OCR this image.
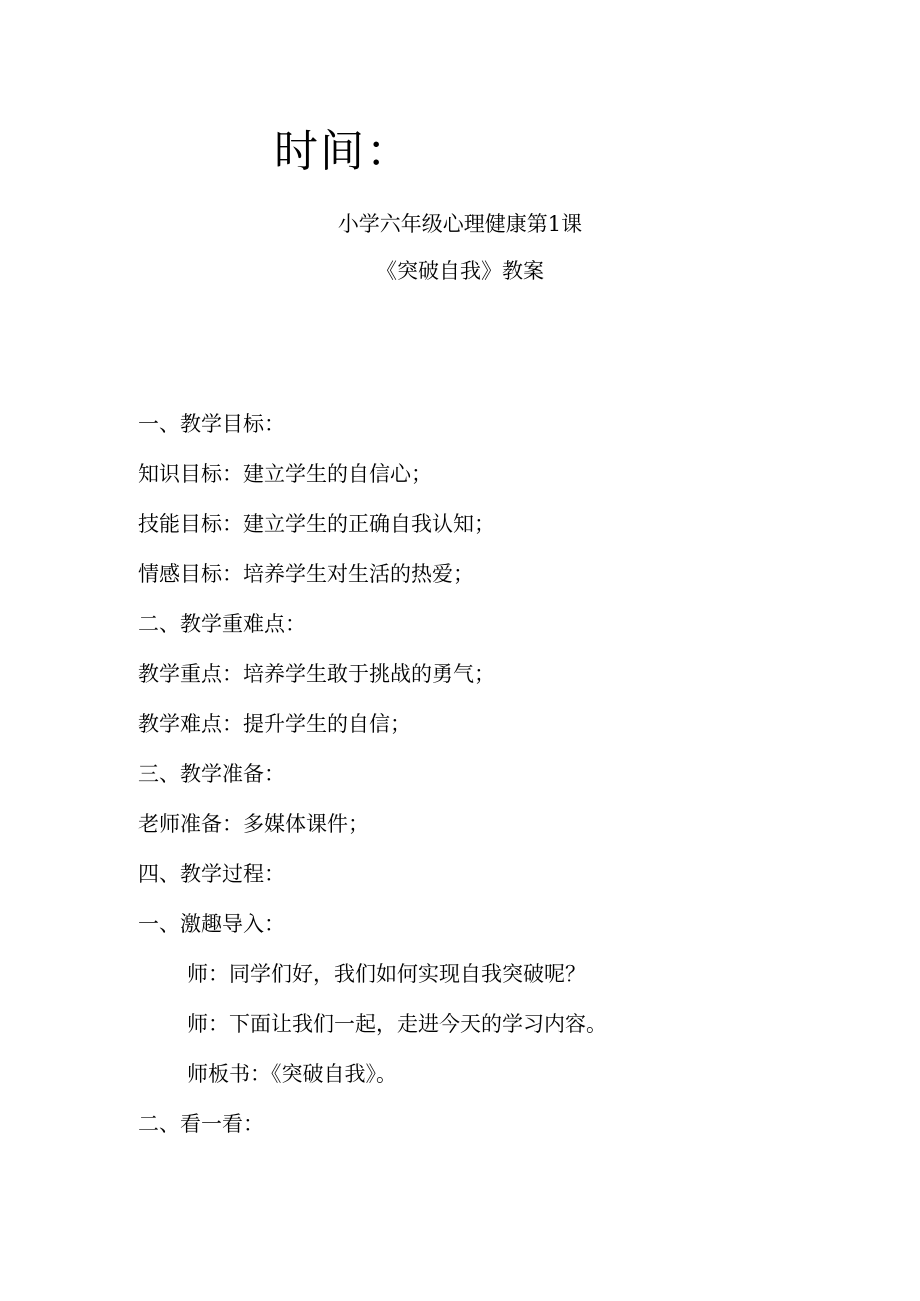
时间：
小学六年级心理健康第1课
《突破自我》教案
一、教学目标：
知识目标：建立学生的自信心；
技能目标：建立学生的正确自我认知；
情感目标：培养学生对生活的热爱；
二、教学重难点：
教学重点：培养学生敢于挑战的勇气；
教学难点：提升学生的自信；
三、教学准备：
老师准备：多媒体课件；
四、教学过程：
一、激趣导入：
师：同学们好，我们如何实现自我突破呢？
师：下面让我们一起，走进今天的学习内容。
师板书：《突破自我》。
二、看一看：
